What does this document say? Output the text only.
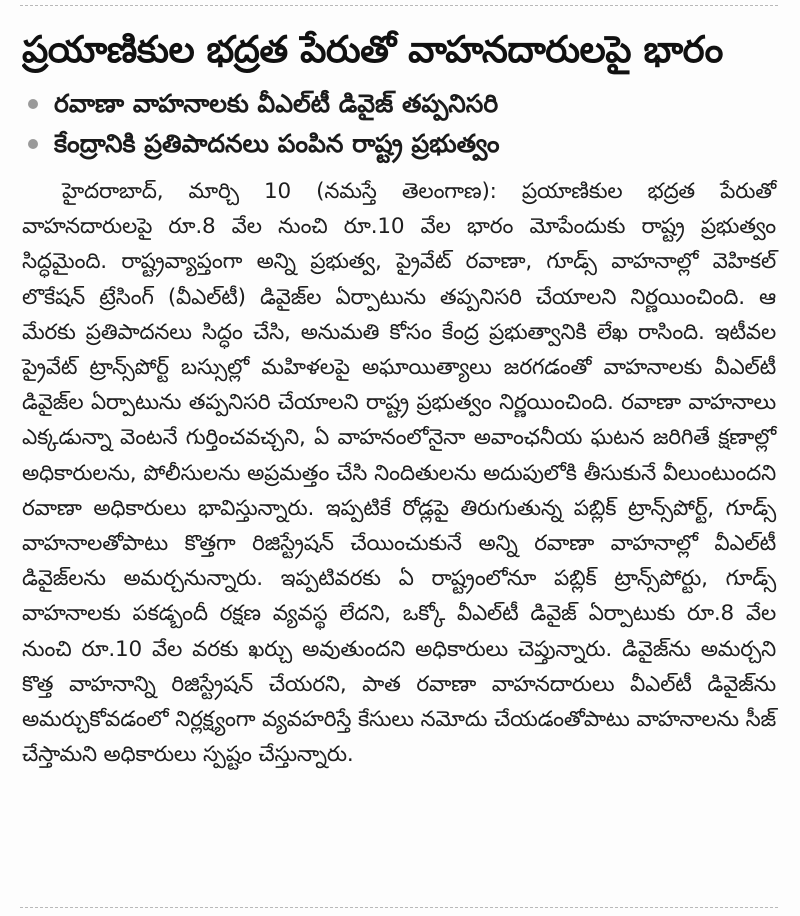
ప్రయాణికుల భద్రత పేరుతో వాహనదారులపై భారం
రవాణా వాహనాలకు వీఎల్‌టీ డివైజ్ తప్పనిసరి
కేంద్రానికి ప్రతిపాదనలు పంపిన రాష్ట్ర ప్రభుత్వం

హైదరాబాద్, మార్చి 10 (నమస్తే తెలంగాణ): ప్రయాణికుల భద్రత పేరుతో వాహనదారులపై రూ.8 వేల నుంచి రూ.10 వేల భారం మోపేందుకు రాష్ట్ర ప్రభుత్వం సిద్ధమైంది. రాష్ట్రవ్యాప్తంగా అన్ని ప్రభుత్వ, ప్రైవేట్ రవాణా, గూడ్స్ వాహనాల్లో వెహికల్ లొకేషన్ ట్రేసింగ్ (వీఎల్‌టీ) డివైజ్‌ల ఏర్పాటును తప్పనిసరి చేయాలని నిర్ణయించింది. ఆ మేరకు ప్రతిపాదనలు సిద్ధం చేసి, అనుమతి కోసం కేంద్ర ప్రభుత్వానికి లేఖ రాసింది. ఇటీవల ప్రైవేట్ ట్రాన్స్‌పోర్ట్ బస్సుల్లో మహిళలపై అఘాయిత్యాలు జరగడంతో వాహనాలకు వీఎల్‌టీ డివైజ్‌ల ఏర్పాటును తప్పనిసరి చేయాలని రాష్ట్ర ప్రభుత్వం నిర్ణయించింది. రవాణా వాహనాలు ఎక్కడున్నా వెంటనే గుర్తించవచ్చని, ఏ వాహనంలోనైనా అవాంఛనీయ ఘటన జరిగితే క్షణాల్లో అధికారులను, పోలీసులను అప్రమత్తం చేసి నిందితులను అదుపులోకి తీసుకునే వీలుంటుందని రవాణా అధికారులు భావిస్తున్నారు. ఇప్పటికే రోడ్లపై తిరుగుతున్న పబ్లిక్ ట్రాన్స్‌పోర్ట్, గూడ్స్ వాహనాలతోపాటు కొత్తగా రిజిస్ట్రేషన్ చేయించుకునే అన్ని రవాణా వాహనాల్లో వీఎల్‌టీ డివైజ్‌లను అమర్చనున్నారు. ఇప్పటివరకు ఏ రాష్ట్రంలోనూ పబ్లిక్ ట్రాన్స్‌పోర్టు, గూడ్స్ వాహనాలకు పకడ్బందీ రక్షణ వ్యవస్థ లేదని, ఒక్కో వీఎల్‌టీ డివైజ్ ఏర్పాటుకు రూ.8 వేల నుంచి రూ.10 వేల వరకు ఖర్చు అవుతుందని అధికారులు చెప్తున్నారు. డివైజ్‌ను అమర్చని కొత్త వాహనాన్ని రిజిస్ట్రేషన్ చేయరని, పాత రవాణా వాహనదారులు వీఎల్‌టీ డివైజ్‌ను అమర్చుకోవడంలో నిర్లక్ష్యంగా వ్యవహరిస్తే కేసులు నమోదు చేయడంతోపాటు వాహనాలను సీజ్ చేస్తామని అధికారులు స్పష్టం చేస్తున్నారు.
